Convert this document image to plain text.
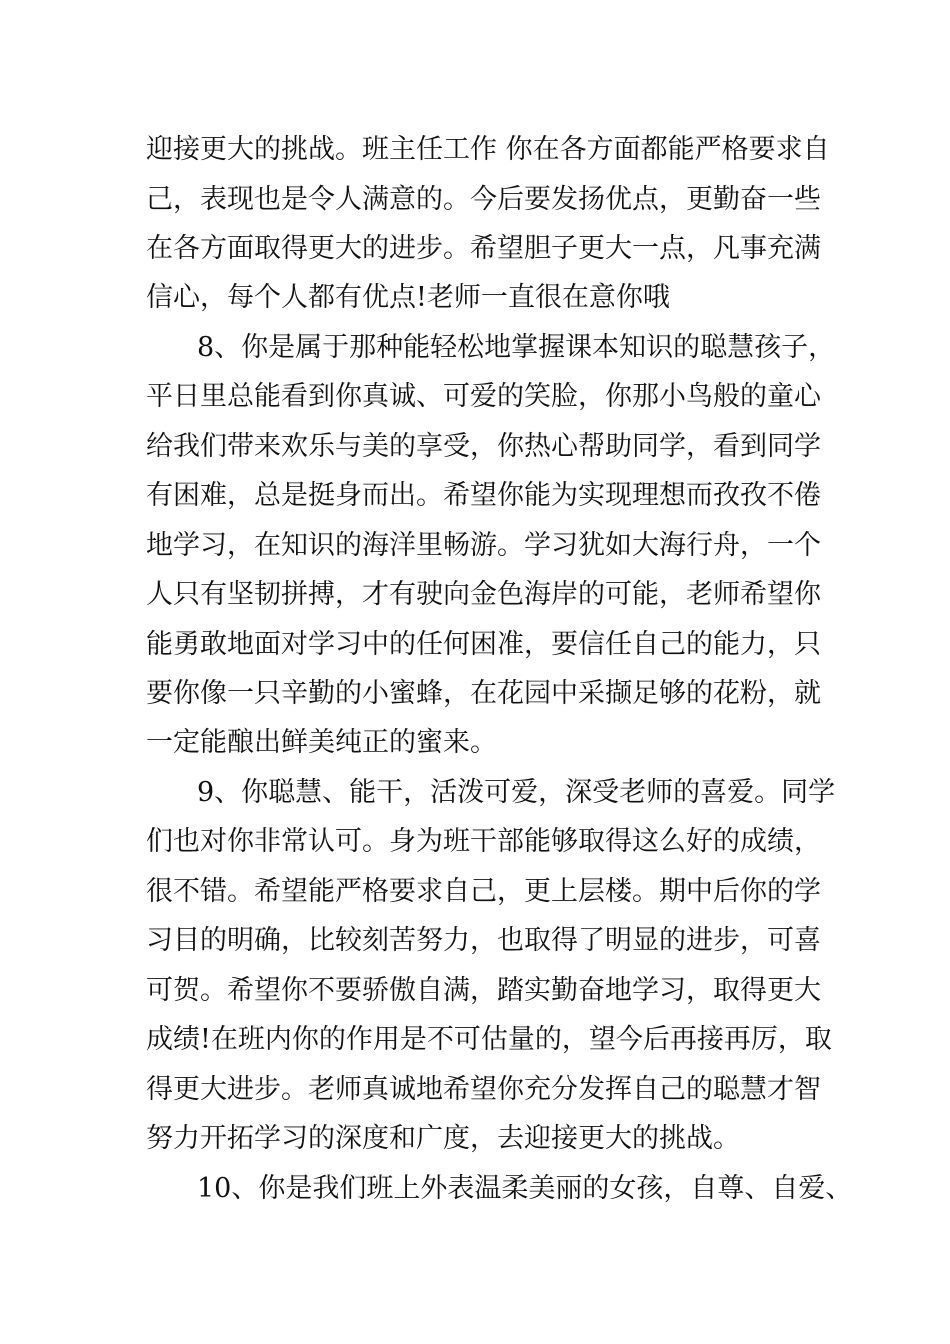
迎接更大的挑战。班主任工作 你在各方面都能严格要求自
己，表现也是令人满意的。今后要发扬优点，更勤奋一些
在各方面取得更大的进步。希望胆子更大一点，凡事充满
信心，每个人都有优点!老师一直很在意你哦
8、你是属于那种能轻松地掌握课本知识的聪慧孩子，
平日里总能看到你真诚、可爱的笑脸，你那小鸟般的童心
给我们带来欢乐与美的享受，你热心帮助同学，看到同学
有困难，总是挺身而出。希望你能为实现理想而孜孜不倦
地学习，在知识的海洋里畅游。学习犹如大海行舟，一个
人只有坚韧拼搏，才有驶向金色海岸的可能，老师希望你
能勇敢地面对学习中的任何困准，要信任自己的能力，只
要你像一只辛勤的小蜜蜂，在花园中采撷足够的花粉，就
一定能酿出鲜美纯正的蜜来。
9、你聪慧、能干，活泼可爱，深受老师的喜爱。同学
们也对你非常认可。身为班干部能够取得这么好的成绩，
很不错。希望能严格要求自己，更上层楼。期中后你的学
习目的明确，比较刻苦努力，也取得了明显的进步，可喜
可贺。希望你不要骄傲自满，踏实勤奋地学习，取得更大
成绩!在班内你的作用是不可估量的，望今后再接再厉，取
得更大进步。老师真诚地希望你充分发挥自己的聪慧才智
努力开拓学习的深度和广度，去迎接更大的挑战。
10、你是我们班上外表温柔美丽的女孩，自尊、自爱、
